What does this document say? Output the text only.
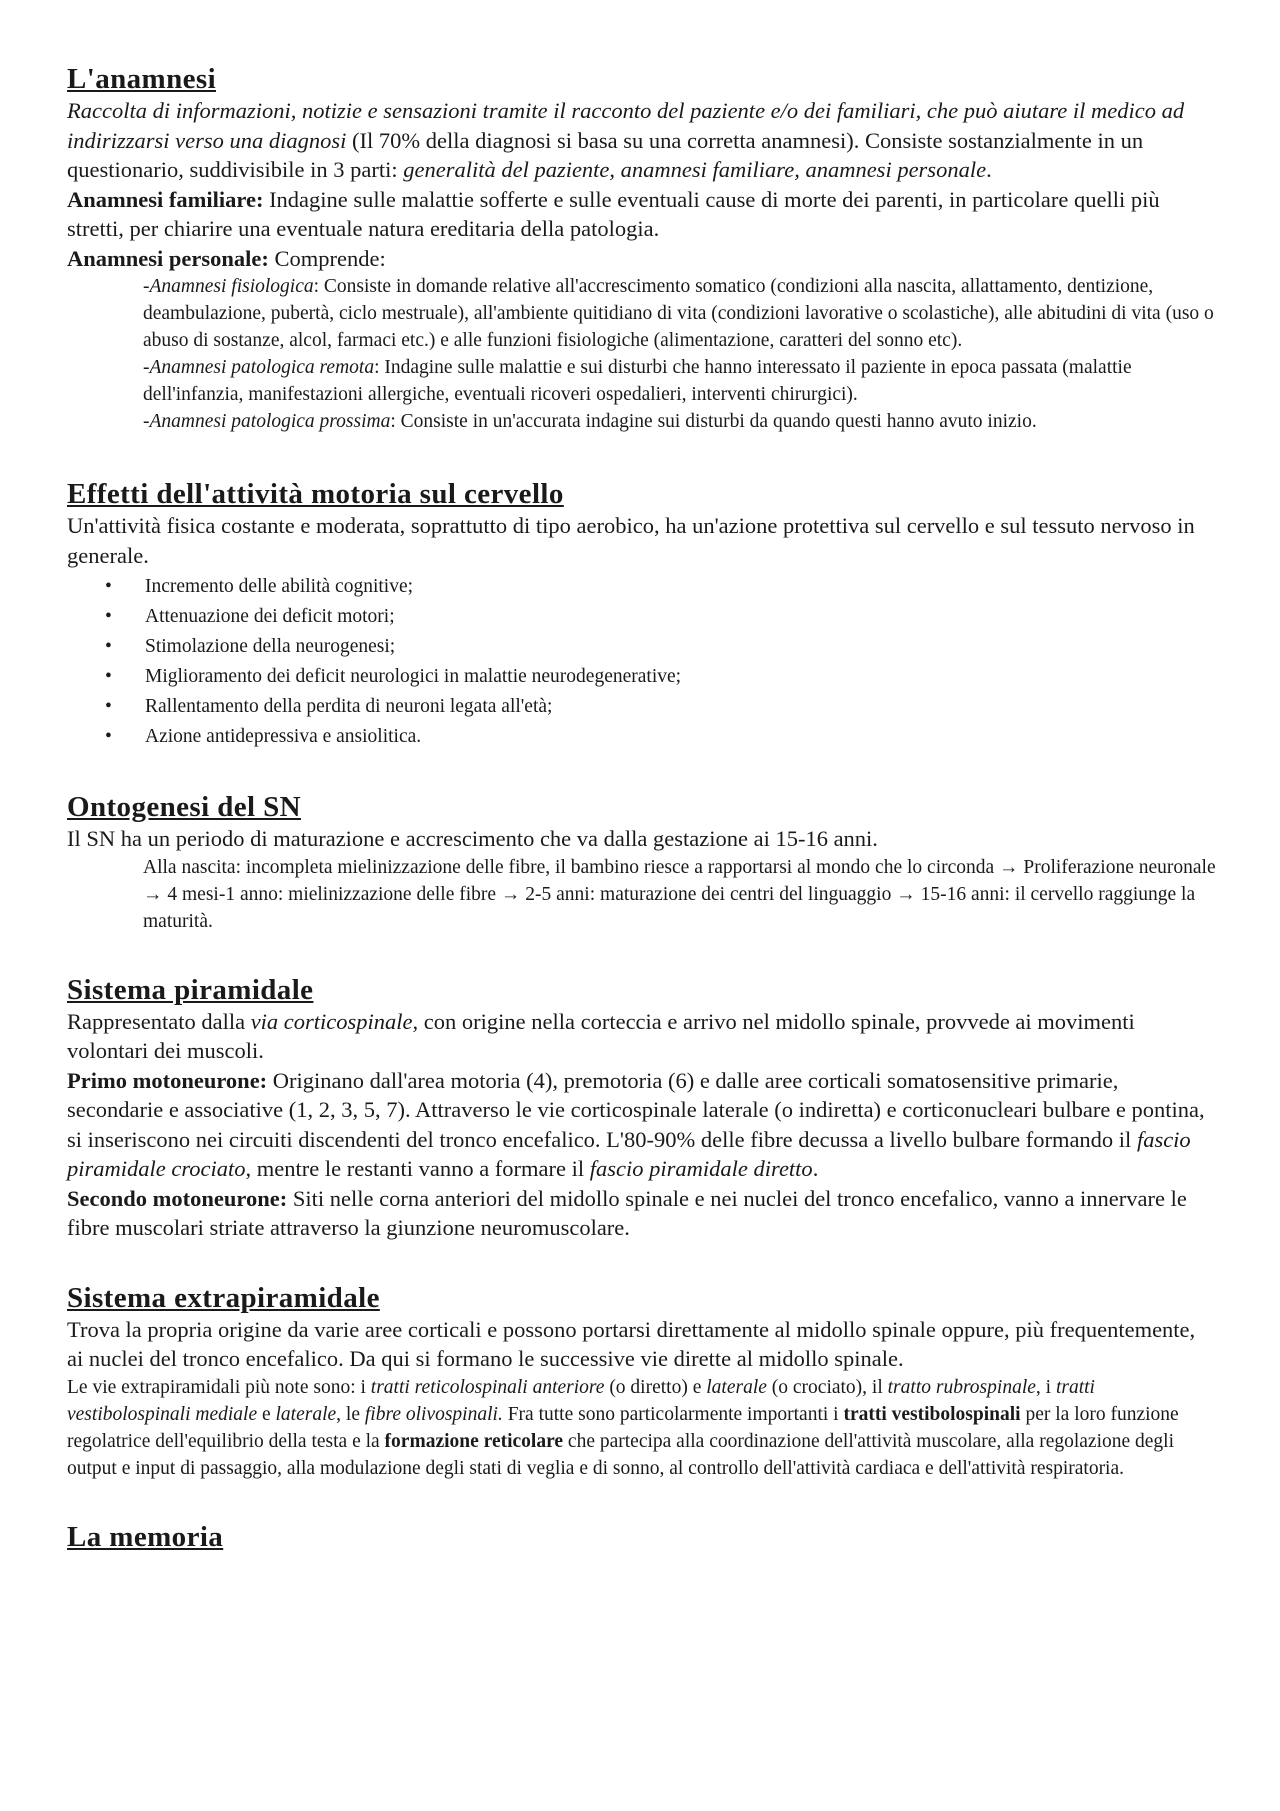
L'anamnesi

Raccolta di informazioni, notizie e sensazioni tramite il racconto del paziente e/o dei familiari, che può aiutare il medico ad indirizzarsi verso una diagnosi (Il 70% della diagnosi si basa su una corretta anamnesi). Consiste sostanzialmente in un questionario, suddivisibile in 3 parti: generalità del paziente, anamnesi familiare, anamnesi personale.

Anamnesi familiare: Indagine sulle malattie sofferte e sulle eventuali cause di morte dei parenti, in particolare quelli più stretti, per chiarire una eventuale natura ereditaria della patologia.

Anamnesi personale: Comprende:

-Anamnesi fisiologica: Consiste in domande relative all'accrescimento somatico (condizioni alla nascita, allattamento, dentizione, deambulazione, pubertà, ciclo mestruale), all'ambiente quitidiano di vita (condizioni lavorative o scolastiche), alle abitudini di vita (uso o abuso di sostanze, alcol, farmaci etc.) e alle funzioni fisiologiche (alimentazione, caratteri del sonno etc).

-Anamnesi patologica remota: Indagine sulle malattie e sui disturbi che hanno interessato il paziente in epoca passata (malattie dell'infanzia, manifestazioni allergiche, eventuali ricoveri ospedalieri, interventi chirurgici).

-Anamnesi patologica prossima: Consiste in un'accurata indagine sui disturbi da quando questi hanno avuto inizio.

Effetti dell'attività motoria sul cervello

Un'attività fisica costante e moderata, soprattutto di tipo aerobico, ha un'azione protettiva sul cervello e sul tessuto nervoso in generale.

• Incremento delle abilità cognitive;
• Attenuazione dei deficit motori;
• Stimolazione della neurogenesi;
• Miglioramento dei deficit neurologici in malattie neurodegenerative;
• Rallentamento della perdita di neuroni legata all'età;
• Azione antidepressiva e ansiolitica.
Ontogenesi del SN

Il SN ha un periodo di maturazione e accrescimento che va dalla gestazione ai 15-16 anni.

Alla nascita: incompleta mielinizzazione delle fibre, il bambino riesce a rapportarsi al mondo che lo circonda → Proliferazione neuronale → 4 mesi-1 anno: mielinizzazione delle fibre → 2-5 anni: maturazione dei centri del linguaggio → 15-16 anni: il cervello raggiunge la maturità.

Sistema piramidale

Rappresentato dalla via corticospinale, con origine nella corteccia e arrivo nel midollo spinale, provvede ai movimenti volontari dei muscoli.

Primo motoneurone: Originano dall'area motoria (4), premotoria (6) e dalle aree corticali somatosensitive primarie, secondarie e associative (1, 2, 3, 5, 7). Attraverso le vie corticospinale laterale (o indiretta) e corticonucleari bulbare e pontina, si inseriscono nei circuiti discendenti del tronco encefalico. L'80-90% delle fibre decussa a livello bulbare formando il fascio piramidale crociato, mentre le restanti vanno a formare il fascio piramidale diretto.

Secondo motoneurone: Siti nelle corna anteriori del midollo spinale e nei nuclei del tronco encefalico, vanno a innervare le fibre muscolari striate attraverso la giunzione neuromuscolare.

Sistema extrapiramidale

Trova la propria origine da varie aree corticali e possono portarsi direttamente al midollo spinale oppure, più frequentemente, ai nuclei del tronco encefalico. Da qui si formano le successive vie dirette al midollo spinale.

Le vie extrapiramidali più note sono: i tratti reticolospinali anteriore (o diretto) e laterale (o crociato), il tratto rubrospinale, i tratti vestibolospinali mediale e laterale, le fibre olivospinali. Fra tutte sono particolarmente importanti i tratti vestibolospinali per la loro funzione regolatrice dell'equilibrio della testa e la formazione reticolare che partecipa alla coordinazione dell'attività muscolare, alla regolazione degli output e input di passaggio, alla modulazione degli stati di veglia e di sonno, al controllo dell'attività cardiaca e dell'attività respiratoria.

La memoria
